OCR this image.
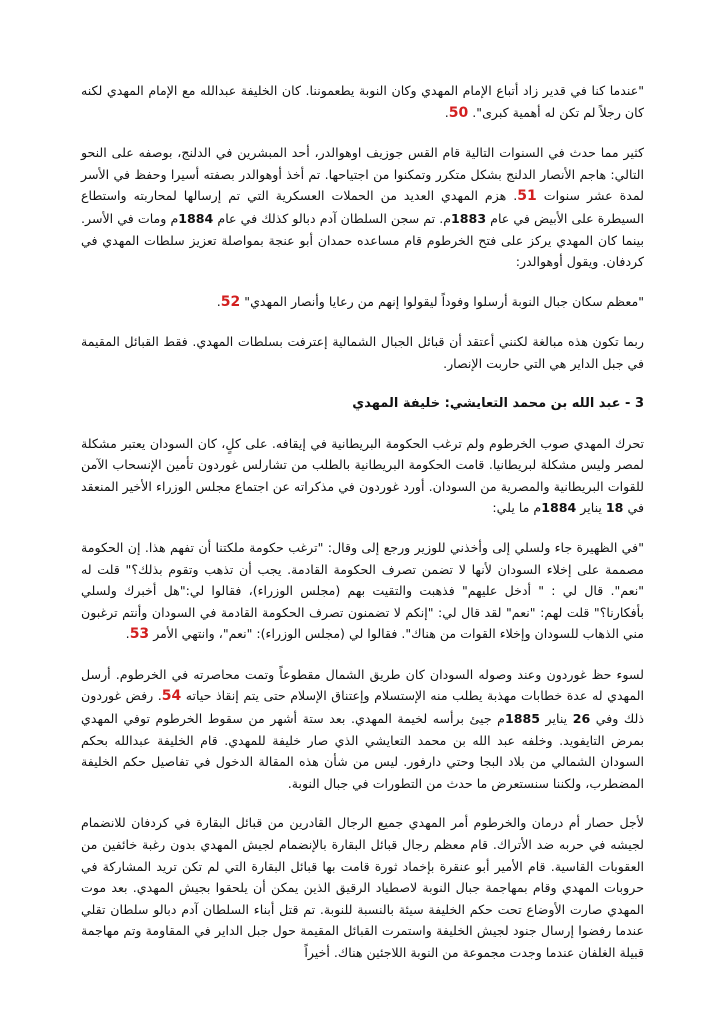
"عندما كنا في قدير زاد أتباع الإمام المهدي وكان النوبة يطعموننا. كان الخليفة عبدالله مع الإمام المهدي لكنه كان رجلاً لم تكن له أهمية كبرى". 50.

كثير مما حدث في السنوات التالية قام القس جوزيف اوهوالدر، أحد المبشرين في الدلنج، بوصفه على النحو التالي: هاجم الأنصار الدلنج بشكل متكرر وتمكنوا من اجتياحها. تم أخذ أوهوالدر بصفته أسيرا وحفظ في الأسر لمدة عشر سنوات 51. هزم المهدي العديد من الحملات العسكرية التي تم إرسالها لمحاربته واستطاع السيطرة على الأبيض في عام 1883م. تم سجن السلطان آدم دبالو كذلك في عام 1884م ومات في الأسر. بينما كان المهدي يركز على فتح الخرطوم قام مساعده حمدان أبو عنجة بمواصلة تعزيز سلطات المهدي في كردفان. ويقول أوهوالدر:

"معظم سكان جبال النوبة أرسلوا وفوداً ليقولوا إنهم من رعايا وأنصار المهدي" 52.

ربما تكون هذه مبالغة لكنني أعتقد أن قبائل الجبال الشمالية إعترفت بسلطات المهدي. فقط القبائل المقيمة في جبل الداير هي التي حاربت الإنصار.

3 - عبد الله بن محمد التعايشي: خليفة المهدي

تحرك المهدي صوب الخرطوم ولم ترغب الحكومة البريطانية في إيقافه. على كلٍ، كان السودان يعتبر مشكلة لمصر وليس مشكلة لبريطانيا. قامت الحكومة البريطانية بالطلب من تشارلس غوردون تأمين الإنسحاب الآمن للقوات البريطانية والمصرية من السودان. أورد غوردون في مذكراته عن اجتماع مجلس الوزراء الأخير المنعقد في 18 يناير 1884م ما يلي:

"في الظهيرة جاء ولسلي إلى وأخذني للوزير ورجع إلى وقال: "ترغب حكومة ملكتنا أن تفهم هذا. إن الحكومة مصممة على إخلاء السودان لأنها لا تضمن تصرف الحكومة القادمة. يجب أن تذهب وتقوم بذلك؟" قلت له "نعم". قال لي : " أدخل عليهم" فذهبت والتقيت بهم (مجلس الوزراء)، فقالوا لي:"هل أخبرك ولسلي بأفكارنا؟" قلت لهم: "نعم" لقد قال لي: "إنكم لا تضمنون تصرف الحكومة القادمة في السودان وأنتم ترغبون مني الذهاب للسودان وإخلاء القوات من هناك". فقالوا لي (مجلس الوزراء): "نعم"، وانتهي الأمر 53.

لسوء حظ غوردون وعند وصوله السودان كان طريق الشمال مقطوعاً وتمت محاصرته في الخرطوم. أرسل المهدي له عدة خطابات مهذبة يطلب منه الإستسلام وإعتناق الإسلام حتى يتم إنقاذ حياته 54. رفض غوردون ذلك وفي 26 يناير 1885م جيئ برأسه لخيمة المهدي. بعد ستة أشهر من سقوط الخرطوم توفي المهدي بمرض التايفويد. وخلفه عبد الله بن محمد التعايشي الذي صار خليفة للمهدي. قام الخليفة عبدالله بحكم السودان الشمالي من بلاد البجا وحتي دارفور. ليس من شأن هذه المقالة الدخول في تفاصيل حكم الخليفة المضطرب، ولكننا سنستعرض ما حدث من التطورات في جبال النوبة.

لأجل حصار أم درمان والخرطوم أمر المهدي جميع الرجال القادرين من قبائل البقارة في كردفان للانضمام لجيشه في حربه ضد الأتراك. قام معظم رجال قبائل البقارة بالإنضمام لجيش المهدي بدون رغبة خائفين من العقوبات القاسية. قام الأمير أبو عنقرة بإخماد ثورة قامت بها قبائل البقارة التي لم تكن تريد المشاركة في حروبات المهدي وقام بمهاجمة جبال النوبة لاصطياد الرقيق الذين يمكن أن يلحقوا بجيش المهدي. بعد موت المهدي صارت الأوضاع تحت حكم الخليفة سيئة بالنسبة للنوبة. تم قتل أبناء السلطان آدم دبالو سلطان تقلي عندما رفضوا إرسال جنود لجيش الخليفة واستمرت القبائل المقيمة حول جبل الداير في المقاومة وتم مهاجمة قبيلة الغلفان عندما وجدت مجموعة من النوبة اللاجئين هناك. أخيراً
